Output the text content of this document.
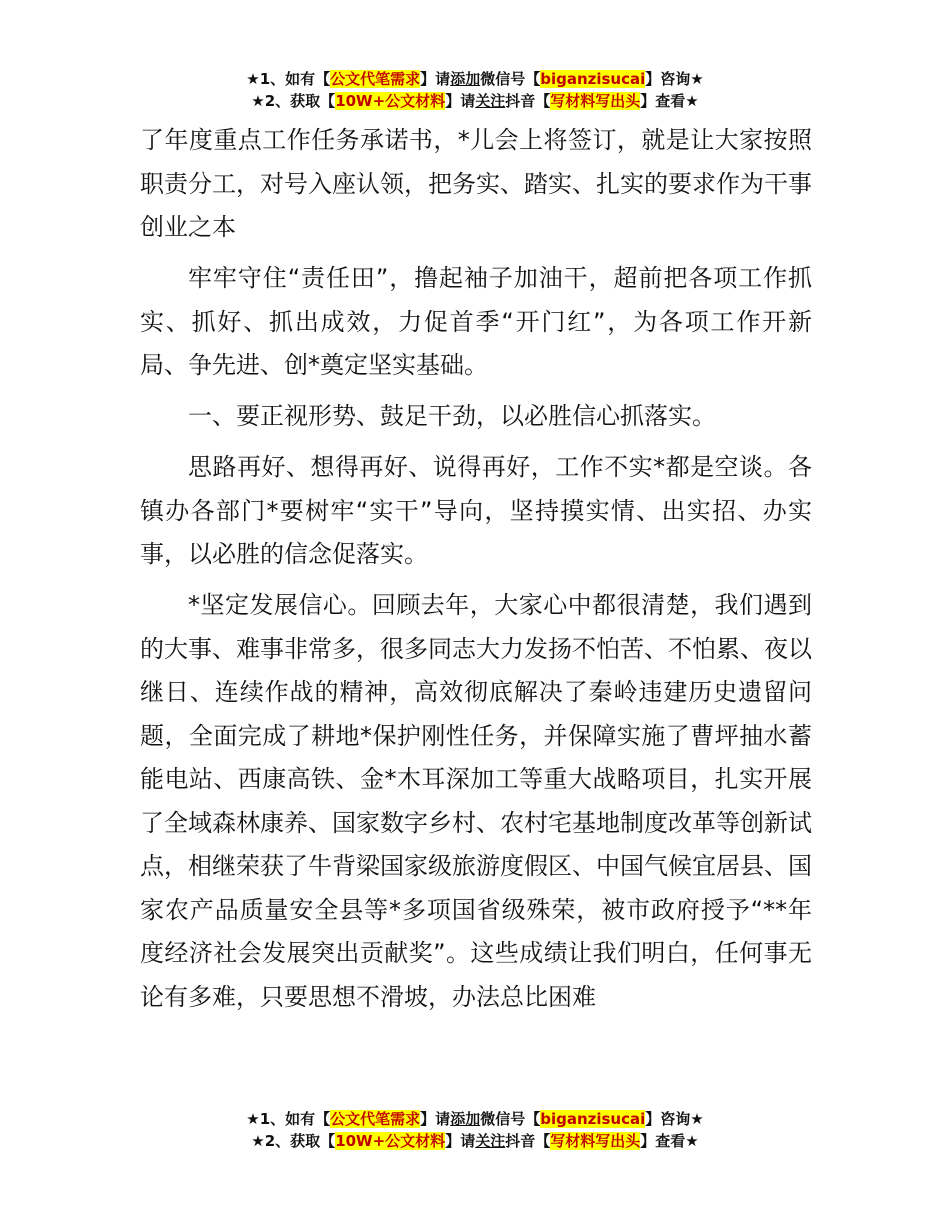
★1、如有【公文代笔需求】请添加微信号【biganzisucai】咨询★
★2、获取【10W+公文材料】请关注抖音【写材料写出头】查看★

了年度重点工作任务承诺书，*儿会上将签订，就是让大家按照职责分工，对号入座认领，把务实、踏实、扎实的要求作为干事创业之本

牢牢守住“责任田”，撸起袖子加油干，超前把各项工作抓实、抓好、抓出成效，力促首季“开门红”，为各项工作开新局、争先进、创*奠定坚实基础。

一、要正视形势、鼓足干劲，以必胜信心抓落实。

思路再好、想得再好、说得再好，工作不实*都是空谈。各镇办各部门*要树牢“实干”导向，坚持摸实情、出实招、办实事，以必胜的信念促落实。

*坚定发展信心。回顾去年，大家心中都很清楚，我们遇到的大事、难事非常多，很多同志大力发扬不怕苦、不怕累、夜以继日、连续作战的精神，高效彻底解决了秦岭违建历史遗留问题，全面完成了耕地*保护刚性任务，并保障实施了曹坪抽水蓄能电站、西康高铁、金*木耳深加工等重大战略项目，扎实开展了全域森林康养、国家数字乡村、农村宅基地制度改革等创新试点，相继荣获了牛背梁国家级旅游度假区、中国气候宜居县、国家农产品质量安全县等*多项国省级殊荣，被市政府授予“**年度经济社会发展突出贡献奖”。这些成绩让我们明白，任何事无论有多难，只要思想不滑坡，办法总比困难

★1、如有【公文代笔需求】请添加微信号【biganzisucai】咨询★
★2、获取【10W+公文材料】请关注抖音【写材料写出头】查看★
